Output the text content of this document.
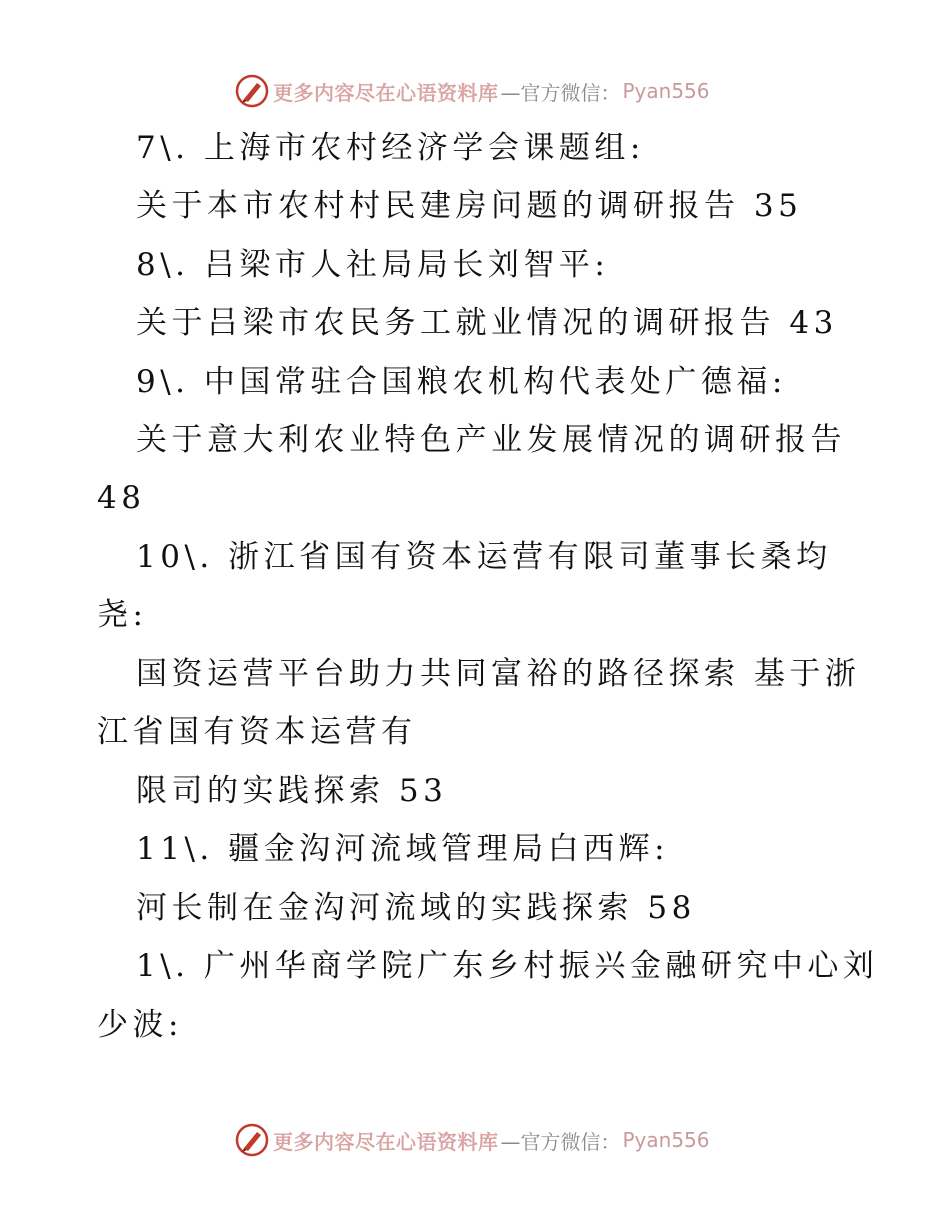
更多内容尽在心语资料库 —官方微信： Pyan556
7\. 上海市农村经济学会课题组:
关于本市农村村民建房问题的调研报告 35
8\. 吕梁市人社局局长刘智平:
关于吕梁市农民务工就业情况的调研报告 43
9\. 中国常驻合国粮农机构代表处广德福:
关于意大利农业特色产业发展情况的调研报告
48
10\. 浙江省国有资本运营有限司董事长桑均
尧:
国资运营平台助力共同富裕的路径探索 基于浙
江省国有资本运营有
限司的实践探索 53
11\. 疆金沟河流域管理局白西辉:
河长制在金沟河流域的实践探索 58
1\. 广州华商学院广东乡村振兴金融研究中心刘
少波:
更多内容尽在心语资料库 —官方微信： Pyan556
